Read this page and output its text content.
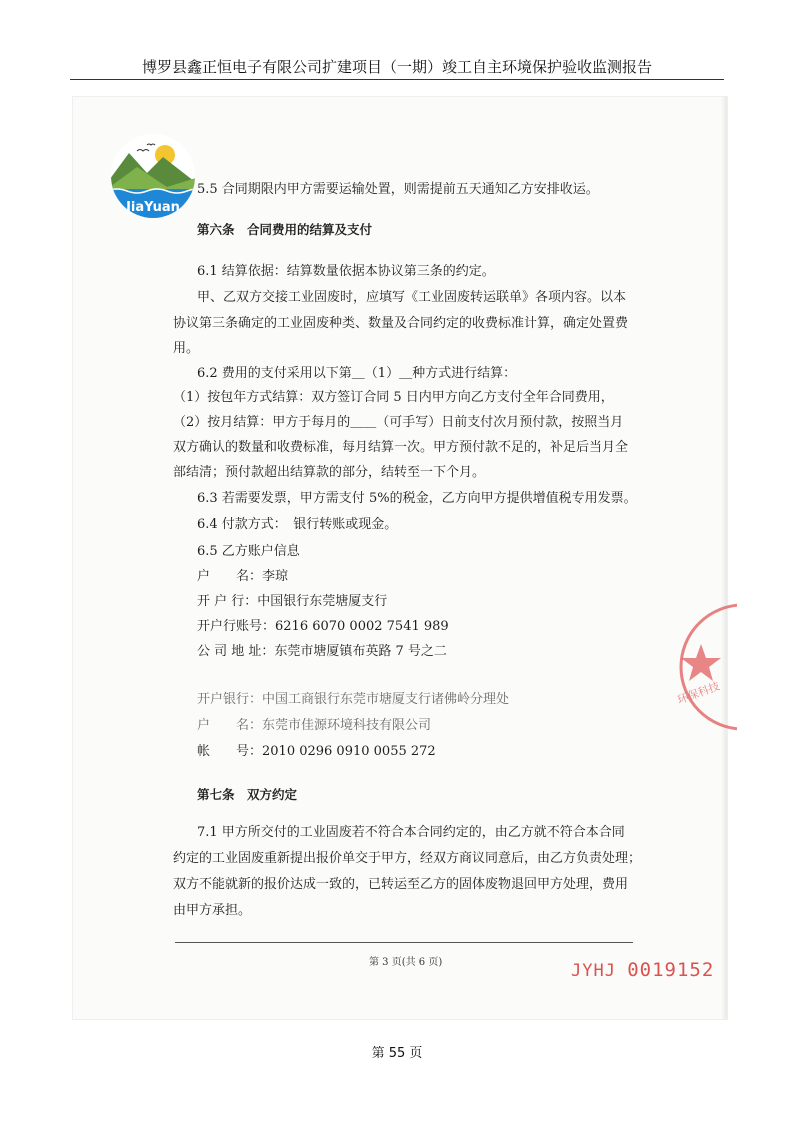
博罗县鑫正恒电子有限公司扩建项目（一期）竣工自主环境保护验收监测报告
JiaYuan
5.5 合同期限内甲方需要运输处置，则需提前五天通知乙方安排收运。
第六条　合同费用的结算及支付
6.1 结算依据：结算数量依据本协议第三条的约定。
甲、乙双方交接工业固废时，应填写《工业固废转运联单》各项内容。以本
协议第三条确定的工业固废种类、数量及合同约定的收费标准计算，确定处置费
用。
6.2 费用的支付采用以下第＿（1）＿种方式进行结算：
（1）按包年方式结算：双方签订合同 5 日内甲方向乙方支付全年合同费用，
（2）按月结算：甲方于每月的＿＿（可手写）日前支付次月预付款，按照当月
双方确认的数量和收费标准，每月结算一次。甲方预付款不足的，补足后当月全
部结清；预付款超出结算款的部分，结转至一下个月。
6.3 若需要发票，甲方需支付 5%的税金，乙方向甲方提供增值税专用发票。
6.4 付款方式：　银行转账或现金。
6.5 乙方账户信息
户　　名：李琼
开 户 行：中国银行东莞塘厦支行
开户行账号：6216 6070 0002 7541 989
公 司 地 址：东莞市塘厦镇布英路 7 号之二
开户银行：中国工商银行东莞市塘厦支行诸佛岭分理处
户　　名：东莞市佳源环境科技有限公司
帐　　号：2010 0296 0910 0055 272
第七条　双方约定
7.1 甲方所交付的工业固废若不符合本合同约定的，由乙方就不符合本合同
约定的工业固废重新提出报价单交于甲方，经双方商议同意后，由乙方负责处理；
双方不能就新的报价达成一致的，已转运至乙方的固体废物退回甲方处理，费用
由甲方承担。
环保科技
第 3 页(共 6 页)	JYHJ 0019152
第 55 页
